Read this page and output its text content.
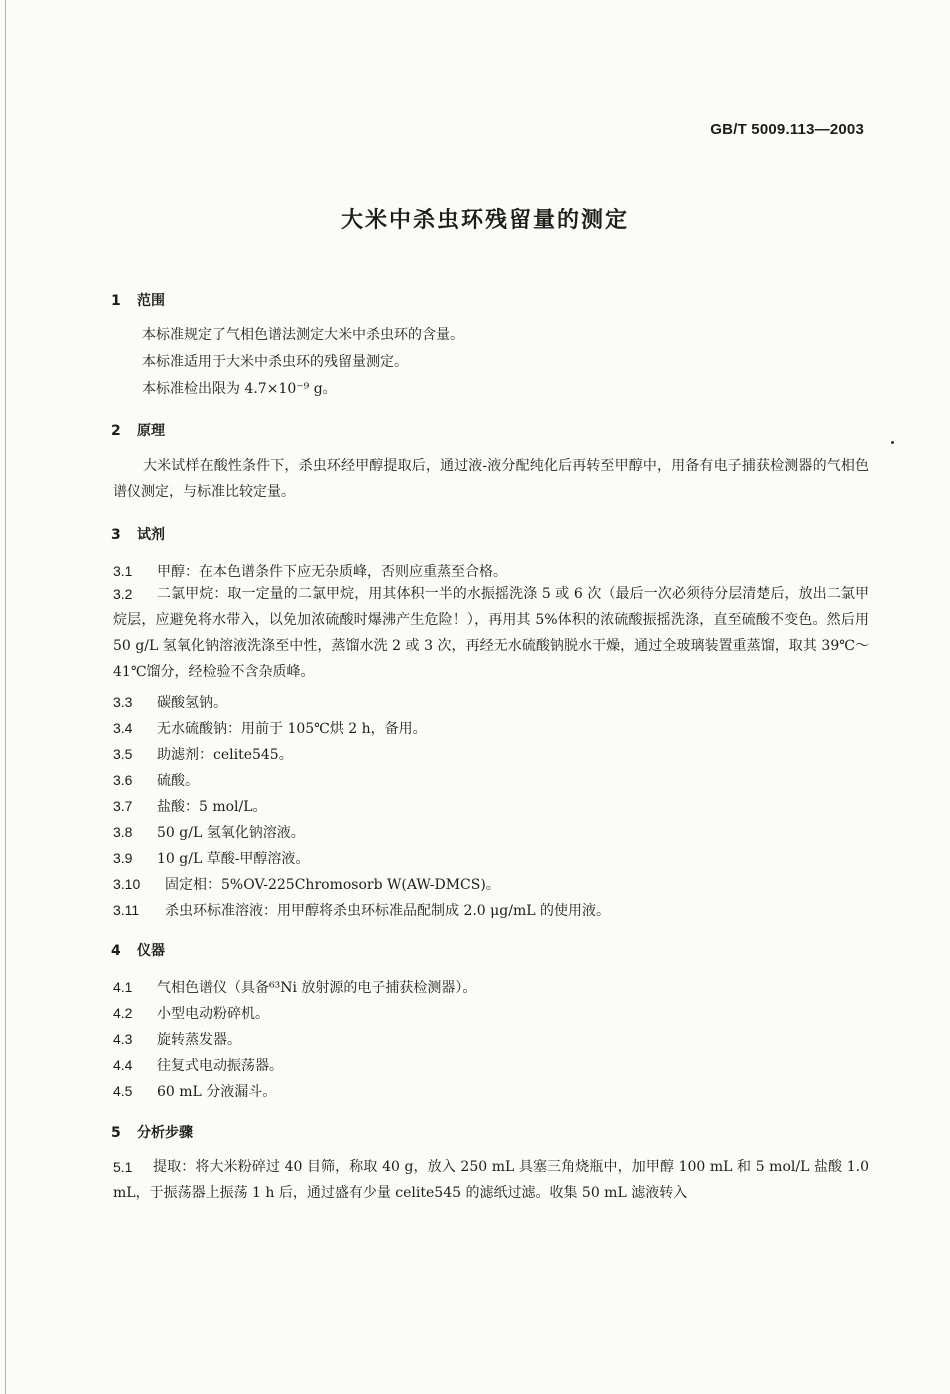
GB/T 5009.113—2003
大米中杀虫环残留量的测定
1 范围
本标准规定了气相色谱法测定大米中杀虫环的含量。
本标准适用于大米中杀虫环的残留量测定。
本标准检出限为 4.7×10⁻⁹ g。
2 原理
大米试样在酸性条件下，杀虫环经甲醇提取后，通过液-液分配纯化后再转至甲醇中，用备有电子捕获检测器的气相色谱仪测定，与标准比较定量。
3 试剂
3.1 甲醇：在本色谱条件下应无杂质峰，否则应重蒸至合格。
3.2 二氯甲烷：取一定量的二氯甲烷，用其体积一半的水振摇洗涤 5 或 6 次（最后一次必须待分层清楚后，放出二氯甲烷层，应避免将水带入，以免加浓硫酸时爆沸产生危险！），再用其 5%体积的浓硫酸振摇洗涤，直至硫酸不变色。然后用 50 g/L 氢氧化钠溶液洗涤至中性，蒸馏水洗 2 或 3 次，再经无水硫酸钠脱水干燥，通过全玻璃装置重蒸馏，取其 39℃～41℃馏分，经检验不含杂质峰。
3.3 碳酸氢钠。
3.4 无水硫酸钠：用前于 105℃烘 2 h，备用。
3.5 助滤剂：celite545。
3.6 硫酸。
3.7 盐酸：5 mol/L。
3.8 50 g/L 氢氧化钠溶液。
3.9 10 g/L 草酸-甲醇溶液。
3.10 固定相：5%OV-225Chromosorb W(AW-DMCS)。
3.11 杀虫环标准溶液：用甲醇将杀虫环标准品配制成 2.0 μg/mL 的使用液。
4 仪器
4.1 气相色谱仪（具备⁶³Ni 放射源的电子捕获检测器）。
4.2 小型电动粉碎机。
4.3 旋转蒸发器。
4.4 往复式电动振荡器。
4.5 60 mL 分液漏斗。
5 分析步骤
5.1 提取：将大米粉碎过 40 目筛，称取 40 g，放入 250 mL 具塞三角烧瓶中，加甲醇 100 mL 和 5 mol/L 盐酸 1.0 mL，于振荡器上振荡 1 h 后，通过盛有少量 celite545 的滤纸过滤。收集 50 mL 滤液转入
